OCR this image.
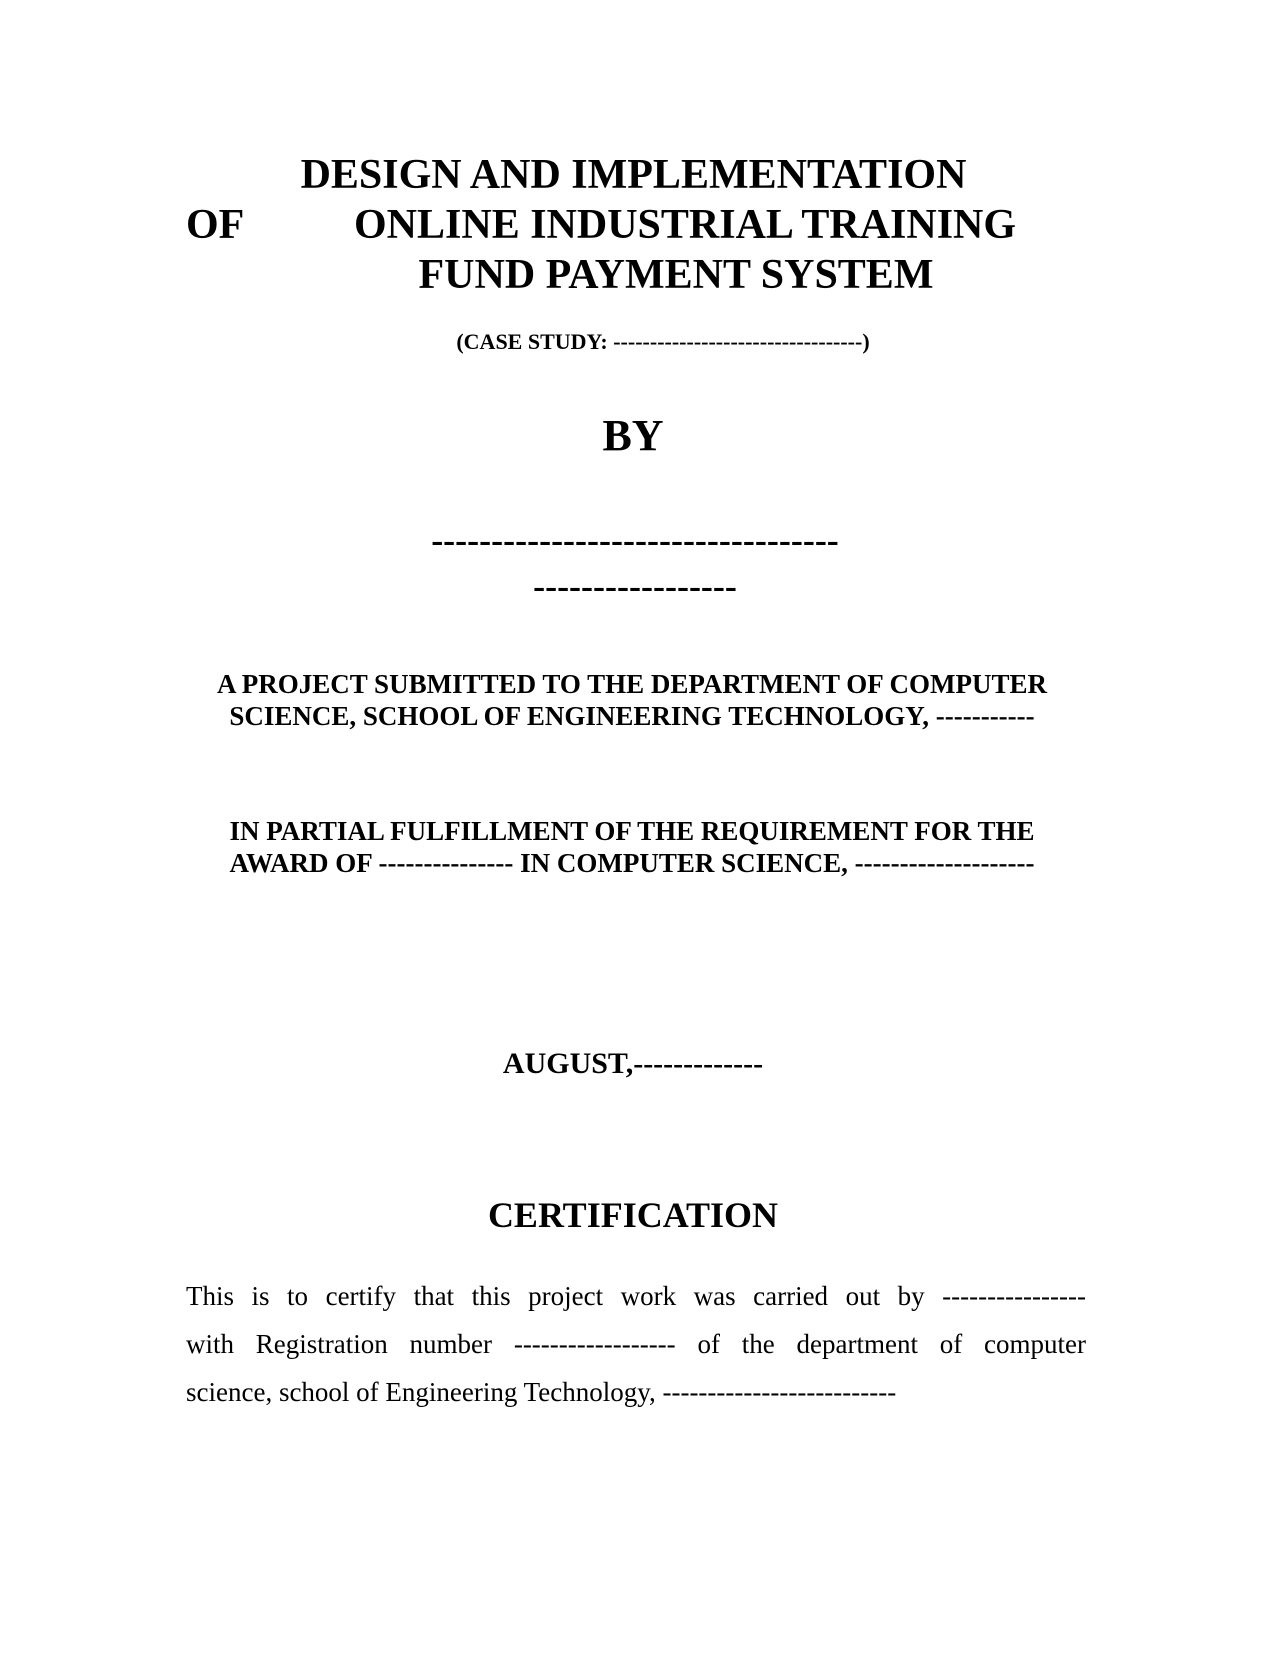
DESIGN AND IMPLEMENTATION
OF	ONLINE INDUSTRIAL TRAINING
FUND PAYMENT SYSTEM
(CASE STUDY: ----------------------------------)
BY
----------------------------------
-----------------
A PROJECT SUBMITTED TO THE DEPARTMENT OF COMPUTER
SCIENCE, SCHOOL OF ENGINEERING TECHNOLOGY, -----------
IN PARTIAL FULFILLMENT OF THE REQUIREMENT FOR THE
AWARD OF --------------- IN COMPUTER SCIENCE, --------------------
AUGUST,-------------
CERTIFICATION
This is to certify that this project work was carried out by ----------------
with Registration number ------------------ of the department of computer
science, school of Engineering Technology, --------------------------
